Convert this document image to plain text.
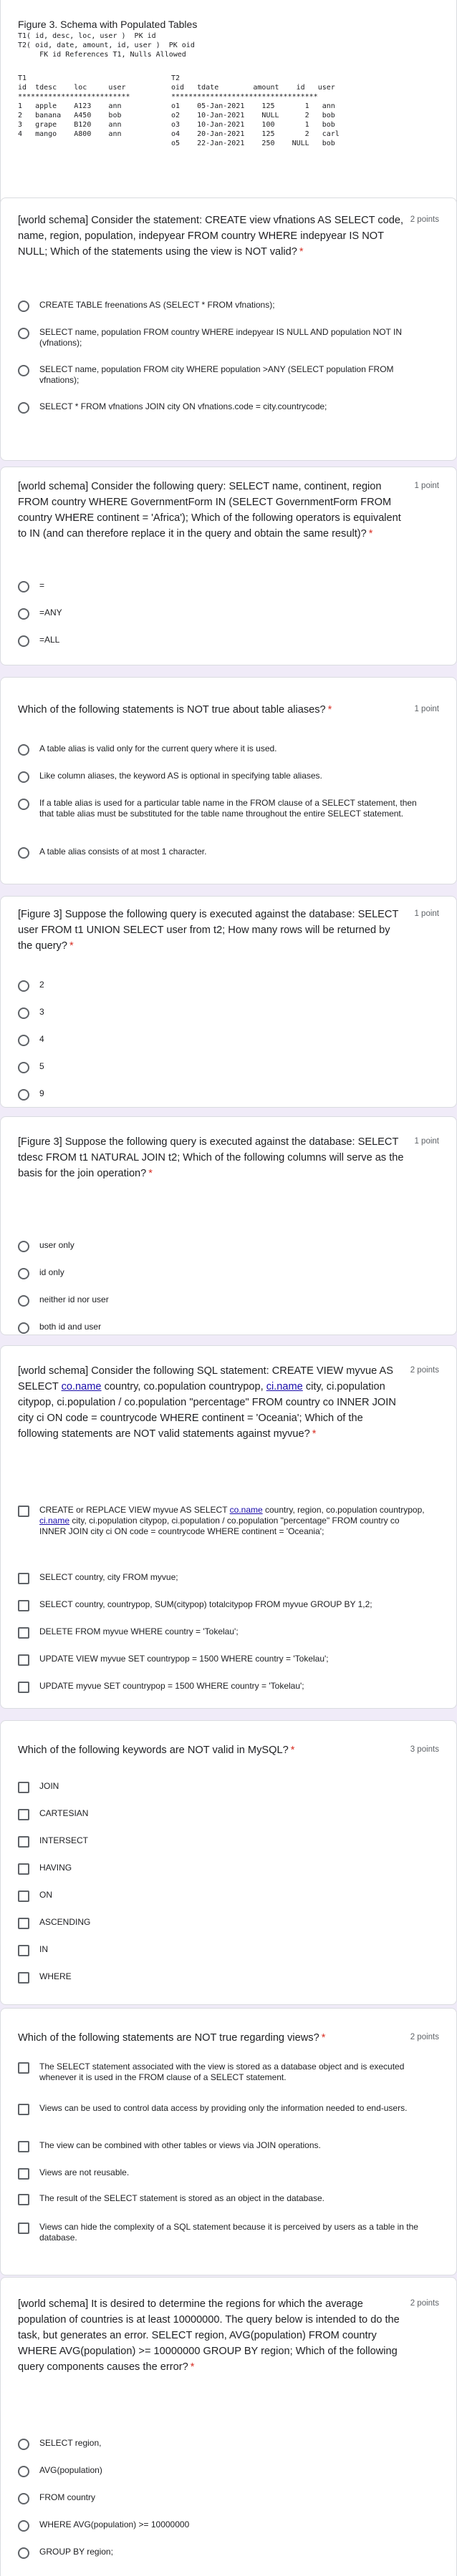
Figure 3. Schema with Populated Tables
T1( id, desc, loc, user )  PK id
T2( oid, date, amount, id, user )  PK oid
FK id References T1, Nulls Allowed
T1
id  tdesc    loc     user
**************************
1   apple    A123    ann
2   banana   A450    bob
3   grape    B120    ann
4   mango    A800    ann
T2
oid   tdate        amount    id   user
**********************************
o1    05-Jan-2021    125       1   ann
o2    10-Jan-2021    NULL      2   bob
o3    10-Jan-2021    100       1   bob
o4    20-Jan-2021    125       2   carl
o5    22-Jan-2021    250    NULL   bob
[world schema] Consider the statement: CREATE view vfnations AS SELECT code, name, region, population, indepyear FROM country WHERE indepyear IS NOT NULL; Which of the statements using the view is NOT valid? *
2 points
CREATE TABLE freenations AS (SELECT * FROM vfnations);
SELECT name, population FROM country WHERE indepyear IS NULL AND population NOT IN (vfnations);
SELECT name, population FROM city WHERE population >ANY (SELECT population FROM vfnations);
SELECT * FROM vfnations JOIN city ON vfnations.code = city.countrycode;
[world schema] Consider the following query: SELECT name, continent, region FROM country WHERE GovernmentForm IN (SELECT GovernmentForm FROM country WHERE continent = 'Africa'); Which of the following operators is equivalent to IN (and can therefore replace it in the query and obtain the same result)? *
1 point
=
=ANY
=ALL
Which of the following statements is NOT true about table aliases? *	1 point
A table alias is valid only for the current query where it is used.
Like column aliases, the keyword AS is optional in specifying table aliases.
If a table alias is used for a particular table name in the FROM clause of a SELECT statement, then that table alias must be substituted for the table name throughout the entire SELECT statement.
A table alias consists of at most 1 character.
[Figure 3] Suppose the following query is executed against the database: SELECT user FROM t1 UNION SELECT user from t2; How many rows will be returned by the query? *
1 point
2
3
4
5
9
[Figure 3] Suppose the following query is executed against the database: SELECT tdesc FROM t1 NATURAL JOIN t2; Which of the following columns will serve as the basis for the join operation? *
1 point
user only
id only
neither id nor user
both id and user
[world schema] Consider the following SQL statement: CREATE VIEW myvue AS SELECT co.name country, co.population countrypop, ci.name city, ci.population citypop, ci.population / co.population "percentage" FROM country co INNER JOIN city ci ON code = countrycode WHERE continent = 'Oceania'; Which of the following statements are NOT valid statements against myvue? *
2 points
CREATE or REPLACE VIEW myvue AS SELECT co.name country, region, co.population countrypop, ci.name city, ci.population citypop, ci.population / co.population "percentage" FROM country co INNER JOIN city ci ON code = countrycode WHERE continent = 'Oceania';
SELECT country, city FROM myvue;
SELECT country, countrypop, SUM(citypop) totalcitypop FROM myvue GROUP BY 1,2;
DELETE FROM myvue WHERE country = 'Tokelau';
UPDATE VIEW myvue SET countrypop = 1500 WHERE country = 'Tokelau';
UPDATE myvue SET countrypop = 1500 WHERE country = 'Tokelau';
Which of the following keywords are NOT valid in MySQL? *	3 points
JOIN
CARTESIAN
INTERSECT
HAVING
ON
ASCENDING
IN
WHERE
Which of the following statements are NOT true regarding views? *	2 points
The SELECT statement associated with the view is stored as a database object and is executed whenever it is used in the FROM clause of a SELECT statement.
Views can be used to control data access by providing only the information needed to end-users.
The view can be combined with other tables or views via JOIN operations.
Views are not reusable.
The result of the SELECT statement is stored as an object in the database.
Views can hide the complexity of a SQL statement because it is perceived by users as a table in the database.
[world schema] It is desired to determine the regions for which the average population of countries is at least 10000000. The query below is intended to do the task, but generates an error. SELECT region, AVG(population) FROM country WHERE AVG(population) >= 10000000 GROUP BY region; Which of the following query components causes the error? *
2 points
SELECT region,
AVG(population)
FROM country
WHERE AVG(population) >= 10000000
GROUP BY region;
